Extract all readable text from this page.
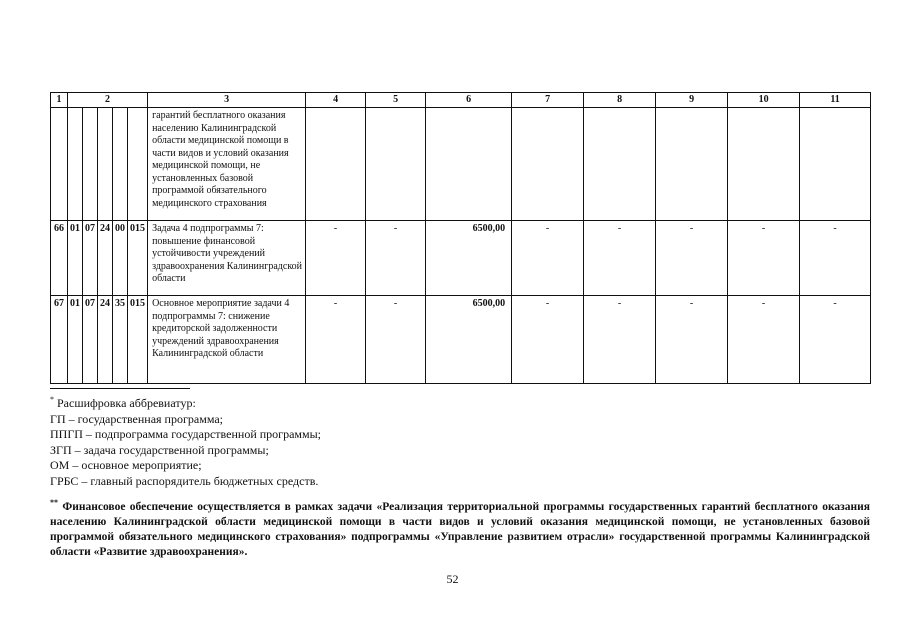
1	2					3	4	5	6	7	8	9	10	11
						гарантий бесплатного оказания населению Калининградской области медицинской помощи в части видов и условий оказания медицинской помощи, не установленных базовой программой обязательного медицинского страхования								
66	01	07	24	00	015	Задача 4 подпрограммы 7: повышение финансовой устойчивости учреждений здравоохранения Калининградской области	-	-	6500,00	-	-	-	-	-
67	01	07	24	35	015	Основное мероприятие задачи 4 подпрограммы 7: снижение кредиторской задолженности учреждений здравоохранения Калининградской области	-	-	6500,00	-	-	-	-	-
* Расшифровка аббревиатур:
ГП – государственная программа;
ППГП – подпрограмма государственной программы;
ЗГП – задача государственной программы;
ОМ – основное мероприятие;
ГРБС – главный распорядитель бюджетных средств.
** Финансовое обеспечение осуществляется в рамках задачи «Реализация территориальной программы государственных гарантий бесплатного оказания населению Калининградской области медицинской помощи в части видов и условий оказания медицинской помощи, не установленных базовой программой обязательного медицинского страхования» подпрограммы «Управление развитием отрасли» государственной программы Калининградской области «Развитие здравоохранения».
52
